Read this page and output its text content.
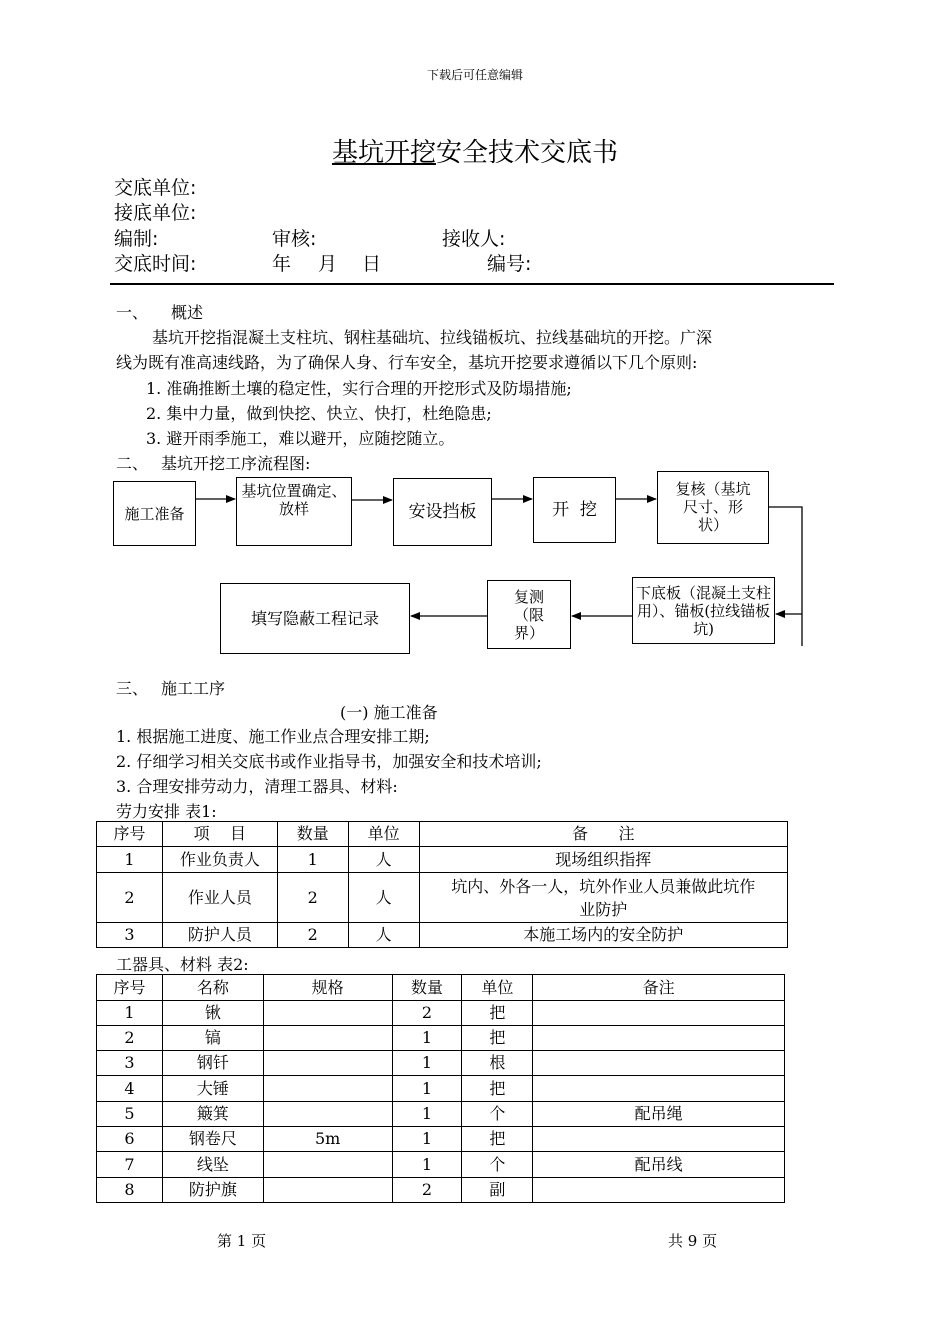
下载后可任意编辑
基坑开挖安全技术交底书
交底单位:
接底单位:
编制:	审核:	接收人:
交底时间:	年 月 日	编号:
一、 概述
基坑开挖指混凝土支柱坑、钢柱基础坑、拉线锚板坑、拉线基础坑的开挖。广深
线为既有准高速线路，为了确保人身、行车安全，基坑开挖要求遵循以下几个原则:
1. 准确推断土壤的稳定性，实行合理的开挖形式及防塌措施;
2. 集中力量，做到快挖、快立、快打，杜绝隐患;
3. 避开雨季施工，难以避开，应随挖随立。
二、 基坑开挖工序流程图:
施工准备
基坑位置确定、放样	安设挡板	开  挖
复核（基坑尺寸、形状）
下底板（混凝土支柱用）、锚板(拉线锚板坑)
复测（限界）
填写隐蔽工程记录
三、 施工工序
(一) 施工准备
1. 根据施工进度、施工作业点合理安排工期;
2. 仔细学习相关交底书或作业指导书，加强安全和技术培训;
3. 合理安排劳动力，清理工器具、材料:
劳力安排 表1:
序号	项    目	数量	单位	备      注
1	作业负责人	1	人	现场组织指挥
2	作业人员	2	人	坑内、外各一人，坑外作业人员兼做此坑作业防护
3	防护人员	2	人	本施工场内的安全防护
工器具、材料 表2:
序号	名称	规格	数量	单位	备注
1	锹		2	把	
2	镐		1	把	
3	钢钎		1	根	
4	大锤		1	把	
5	簸箕		1	个	配吊绳
6	钢卷尺	5m	1	把	
7	线坠		1	个	配吊线
8	防护旗		2	副	
第 1 页	共 9 页
